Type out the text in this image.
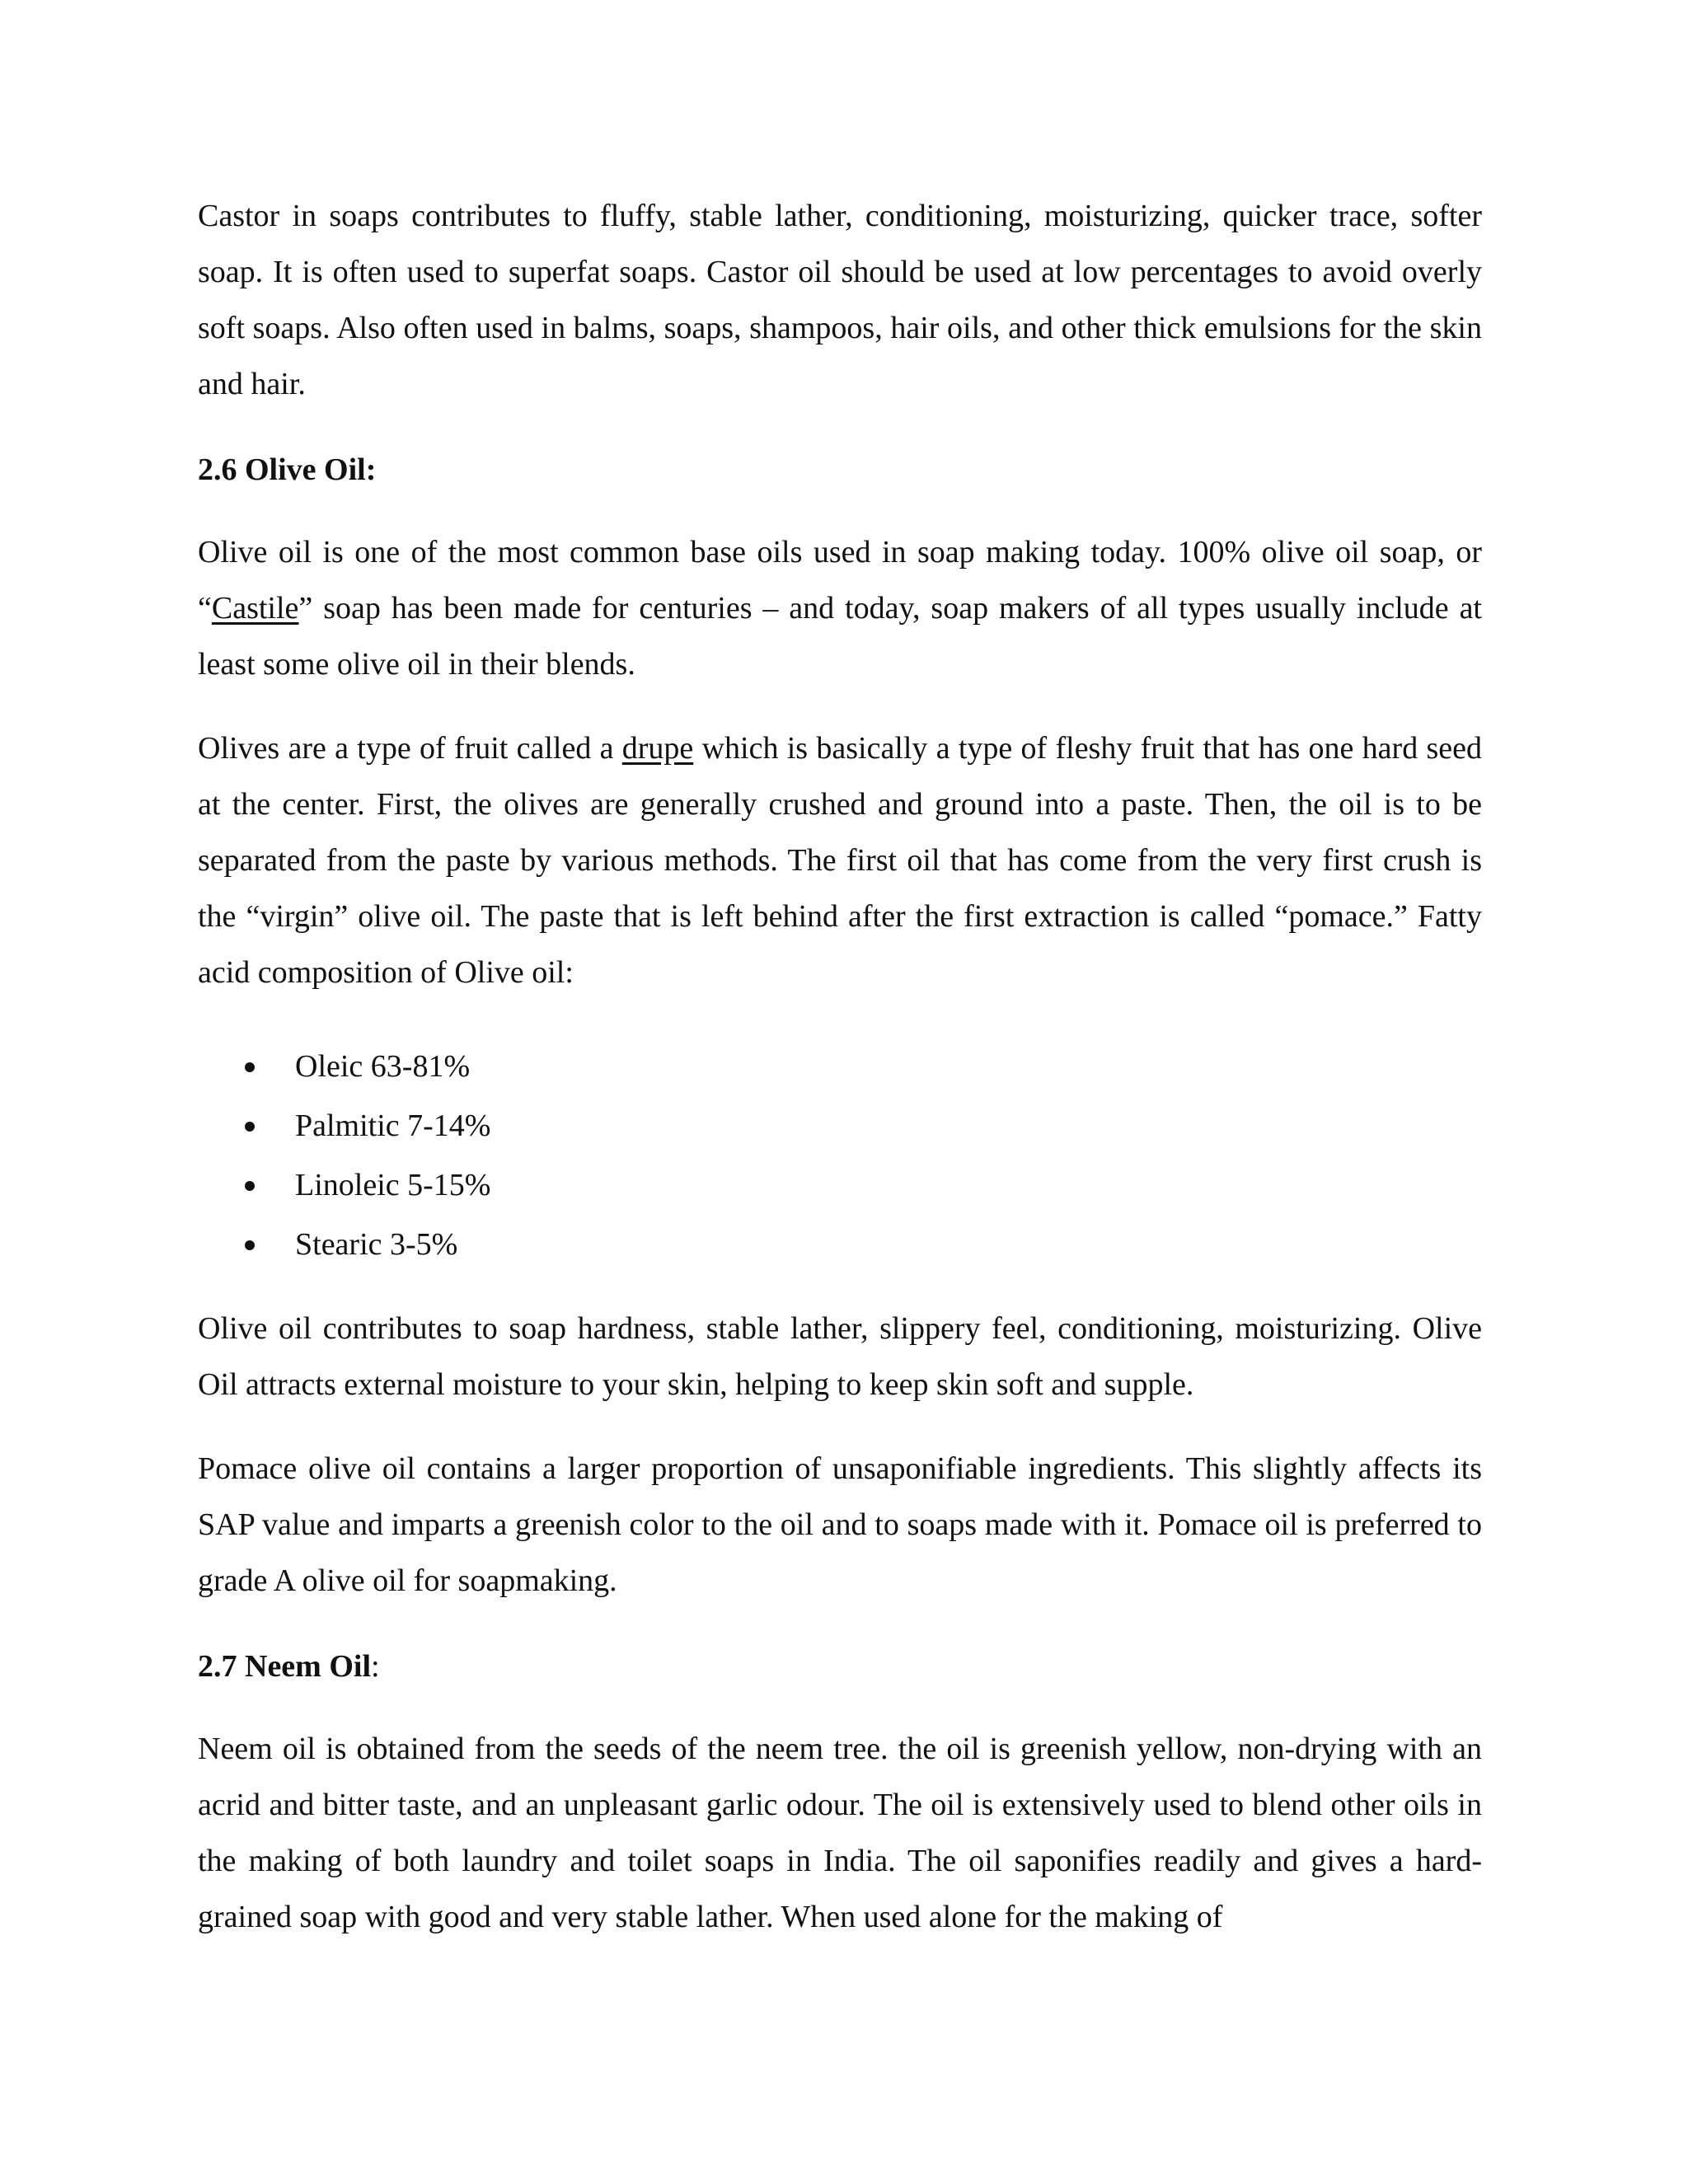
Castor in soaps contributes to fluffy, stable lather, conditioning, moisturizing, quicker trace, softer soap. It is often used to superfat soaps. Castor oil should be used at low percentages to avoid overly soft soaps. Also often used in balms, soaps, shampoos, hair oils, and other thick emulsions for the skin and hair.

2.6 Olive Oil:

Olive oil is one of the most common base oils used in soap making today. 100% olive oil soap, or “Castile” soap has been made for centuries – and today, soap makers of all types usually include at least some olive oil in their blends.

Olives are a type of fruit called a drupe which is basically a type of fleshy fruit that has one hard seed at the center. First, the olives are generally crushed and ground into a paste. Then, the oil is to be separated from the paste by various methods. The first oil that has come from the very first crush is the “virgin” olive oil. The paste that is left behind after the first extraction is called “pomace.” Fatty acid composition of Olive oil:

Oleic 63-81%
Palmitic 7-14%
Linoleic 5-15%
Stearic 3-5%

Olive oil contributes to soap hardness, stable lather, slippery feel, conditioning, moisturizing. Olive Oil attracts external moisture to your skin, helping to keep skin soft and supple.

Pomace olive oil contains a larger proportion of unsaponifiable ingredients. This slightly affects its SAP value and imparts a greenish color to the oil and to soaps made with it. Pomace oil is preferred to grade A olive oil for soapmaking.

2.7 Neem Oil:

Neem oil is obtained from the seeds of the neem tree. the oil is greenish yellow, non-drying with an acrid and bitter taste, and an unpleasant garlic odour. The oil is extensively used to blend other oils in the making of both laundry and toilet soaps in India. The oil saponifies readily and gives a hard-grained soap with good and very stable lather. When used alone for the making of
